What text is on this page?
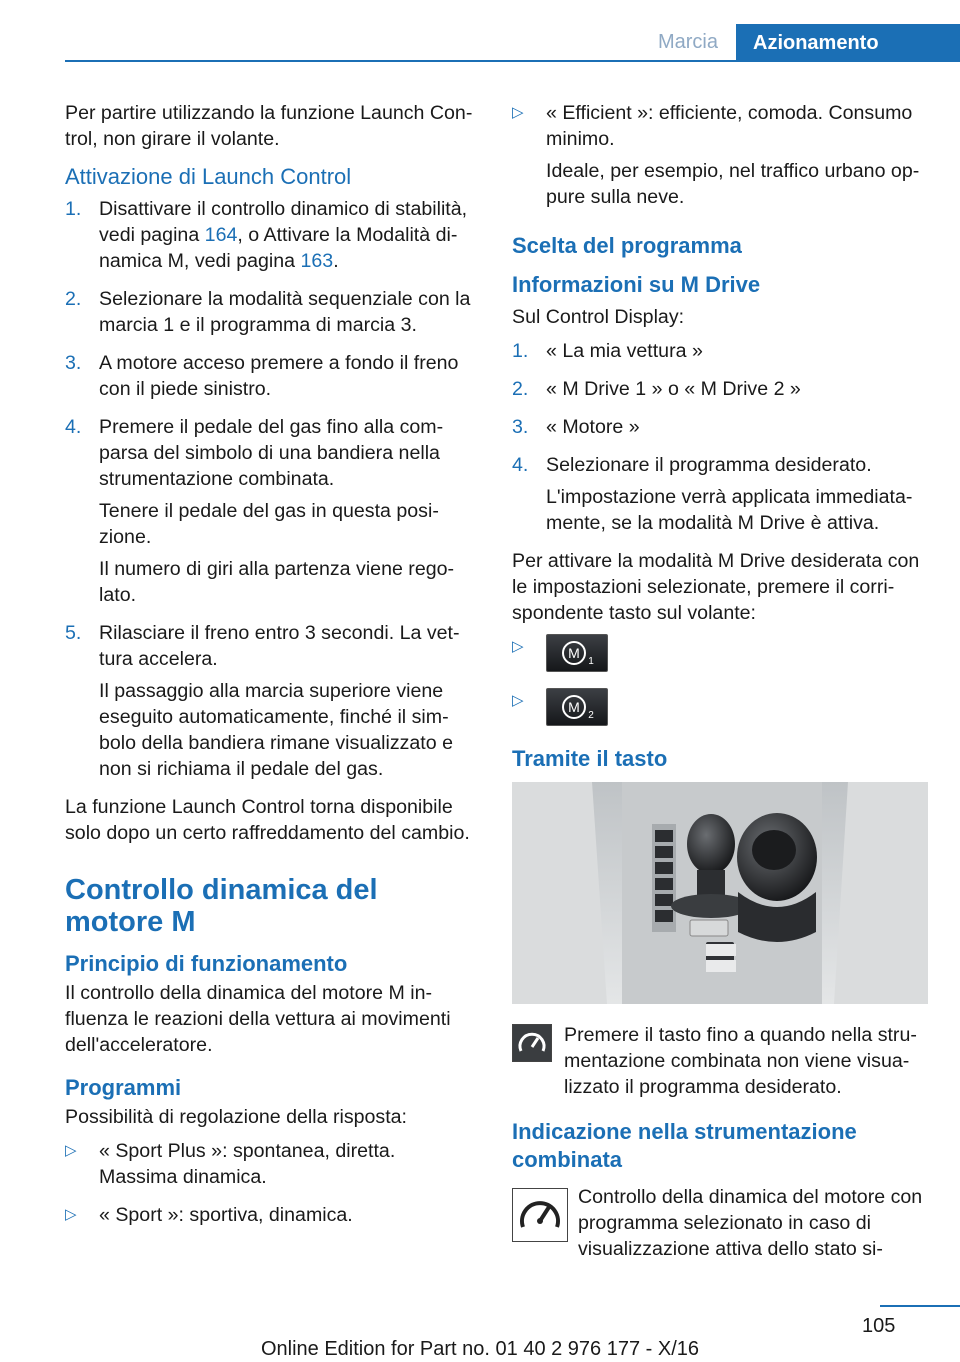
Marcia	Azionamento

Per partire utilizzando la funzione Launch Control, non girare il volante.

Attivazione di Launch Control
1. Disattivare il controllo dinamico di stabilità, vedi pagina 164, o Attivare la Modalità dinamica M, vedi pagina 163.

2. Selezionare la modalità sequenziale con la marcia 1 e il programma di marcia 3.

3. A motore acceso premere a fondo il freno con il piede sinistro.

4. Premere il pedale del gas fino alla comparsa del simbolo di una bandiera nella strumentazione combinata.

Tenere il pedale del gas in questa posizione.

Il numero di giri alla partenza viene regolato.

5. Rilasciare il freno entro 3 secondi. La vettura accelera.

Il passaggio alla marcia superiore viene eseguito automaticamente, finché il simbolo della bandiera rimane visualizzato e non si richiama il pedale del gas.

La funzione Launch Control torna disponibile solo dopo un certo raffreddamento del cambio.

Controllo dinamica del motore M
Principio di funzionamento

Il controllo della dinamica del motore M influenza le reazioni della vettura ai movimenti dell'acceleratore.

Programmi

Possibilità di regolazione della risposta:

▷	« Sport Plus »: spontanea, diretta. Massima dinamica.

▷	« Sport »: sportiva, dinamica.

▷	« Efficient »: efficiente, comoda. Consumo minimo.

Ideale, per esempio, nel traffico urbano oppure sulla neve.

Scelta del programma
Informazioni su M Drive

Sul Control Display:

1. « La mia vettura »

2. « M Drive 1 » o « M Drive 2 »

3. « Motore »

4. Selezionare il programma desiderato.

L'impostazione verrà applicata immediatamente, se la modalità M Drive è attiva.

Per attivare la modalità M Drive desiderata con le impostazioni selezionate, premere il corrispondente tasto sul volante:

▷	M
1
▷	M
2
Tramite il tasto

Premere il tasto fino a quando nella strumentazione combinata non viene visualizzato il programma desiderato.

Indicazione nella strumentazione combinata

Controllo della dinamica del motore con programma selezionato in caso di visualizzazione attiva dello stato si-

105
Online Edition for Part no. 01 40 2 976 177 - X/16
